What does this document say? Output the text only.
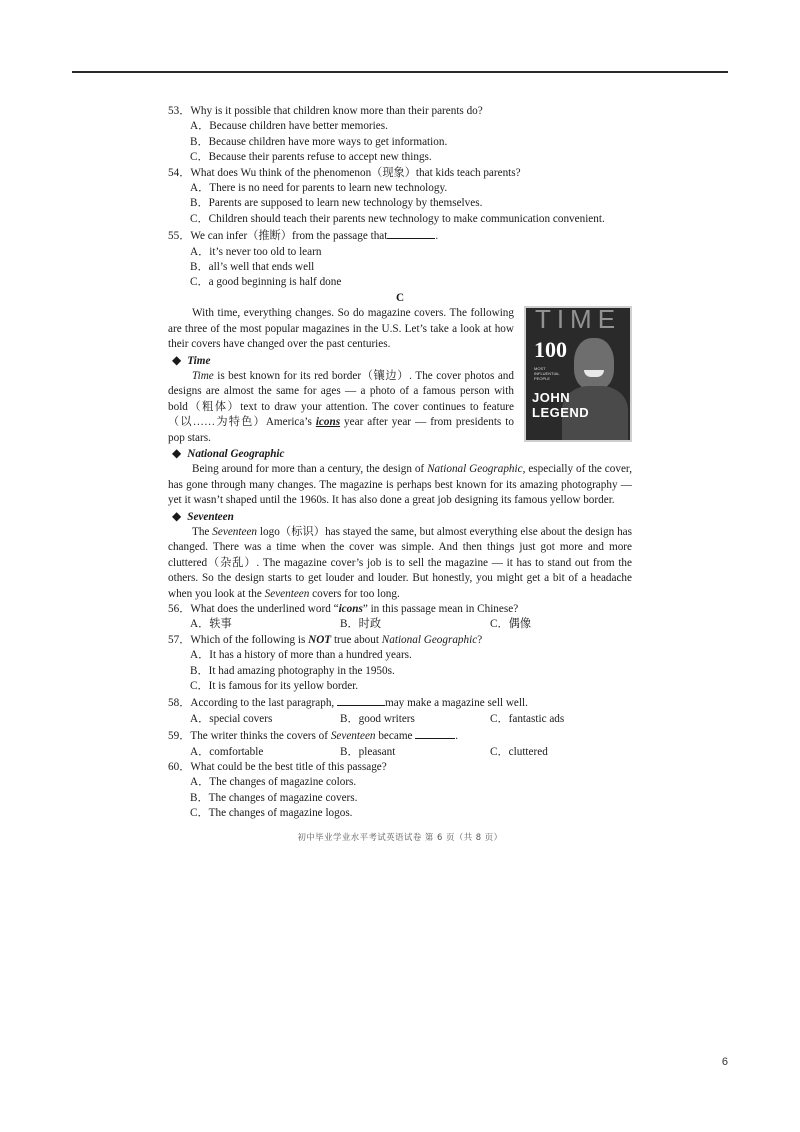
53．Why is it possible that children know more than their parents do?

A．Because children have better memories.

B．Because children have more ways to get information.

C．Because their parents refuse to accept new things.

54．What does Wu think of the phenomenon（现象）that kids teach parents?

A．There is no need for parents to learn new technology.

B．Parents are supposed to learn new technology by themselves.

C．Children should teach their parents new technology to make communication convenient.

55．We can infer（推断）from the passage that	.

A．it’s never too old to learn

B．all’s well that ends well

C．a good beginning is half done

C

TIME
100
MOST INFLUENTIAL PEOPLE
JOHN
LEGEND

With time, everything changes. So do magazine covers. The following are three of the most popular magazines in the U.S. Let’s take a look at how their covers have changed over the past centuries.

◆ Time

Time is best known for its red border（镶边）. The cover photos and designs are almost the same for ages — a photo of a famous person with bold（粗体）text to draw your attention. The cover continues to feature（以……为特色）America’s icons year after year — from presidents to pop stars.

◆ National Geographic

Being around for more than a century, the design of National Geographic, especially of the cover, has gone through many changes. The magazine is perhaps best known for its amazing photography — yet it wasn’t shaped until the 1960s. It has also done a great job designing its famous yellow border.

◆ Seventeen

The Seventeen logo（标识）has stayed the same, but almost everything else about the design has changed. There was a time when the cover was simple. And then things just got more and more cluttered（杂乱）. The magazine cover’s job is to sell the magazine — it has to stand out from the others. So the design starts to get louder and louder. But honestly, you might get a bit of a headache when you look at the Seventeen covers for too long.

56．What does the underlined word “icons” in this passage mean in Chinese?

A．轶事	B．时政	C．偶像

57．Which of the following is NOT true about National Geographic?

A．It has a history of more than a hundred years.

B．It had amazing photography in the 1950s.

C．It is famous for its yellow border.

58．According to the last paragraph,	may make a magazine sell well.

A．special covers	B．good writers	C．fantastic ads

59．The writer thinks the covers of Seventeen became	.

A．comfortable	B．pleasant	C．cluttered

60．What could be the best title of this passage?

A．The changes of magazine colors.

B．The changes of magazine covers.

C．The changes of magazine logos.

初中毕业学业水平考试英语试卷 第 6 页（共 8 页）
6
